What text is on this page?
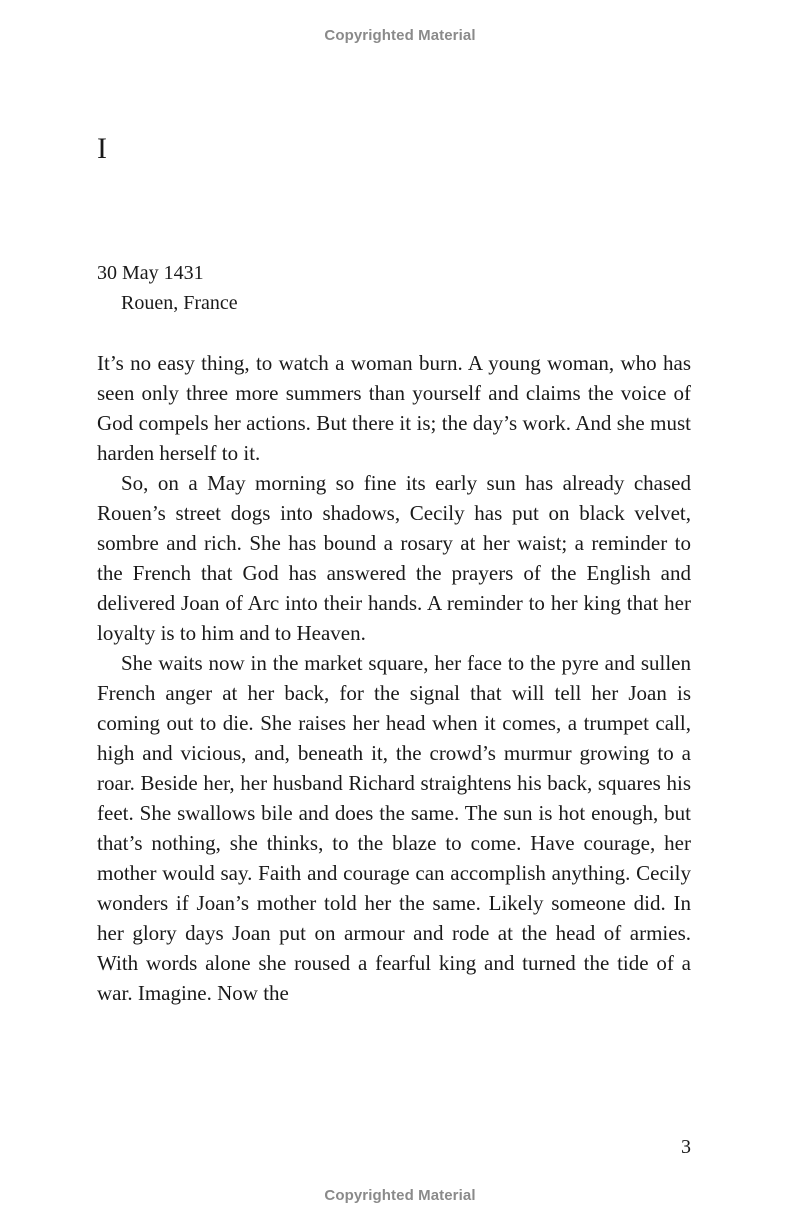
Copyrighted Material
I
30 May 1431
Rouen, France

It’s no easy thing, to watch a woman burn. A young woman, who has seen only three more summers than yourself and claims the voice of God compels her actions. But there it is; the day’s work. And she must harden herself to it.

So, on a May morning so fine its early sun has already chased Rouen’s street dogs into shadows, Cecily has put on black velvet, sombre and rich. She has bound a rosary at her waist; a reminder to the French that God has answered the prayers of the English and delivered Joan of Arc into their hands. A reminder to her king that her loyalty is to him and to Heaven.

She waits now in the market square, her face to the pyre and sullen French anger at her back, for the signal that will tell her Joan is coming out to die. She raises her head when it comes, a trumpet call, high and vicious, and, beneath it, the crowd’s murmur growing to a roar. Beside her, her husband Richard straightens his back, squares his feet. She swallows bile and does the same. The sun is hot enough, but that’s nothing, she thinks, to the blaze to come. Have courage, her mother would say. Faith and courage can accomplish anything. Cecily wonders if Joan’s mother told her the same. Likely someone did. In her glory days Joan put on armour and rode at the head of armies. With words alone she roused a fearful king and turned the tide of a war. Imagine. Now the

3
Copyrighted Material
